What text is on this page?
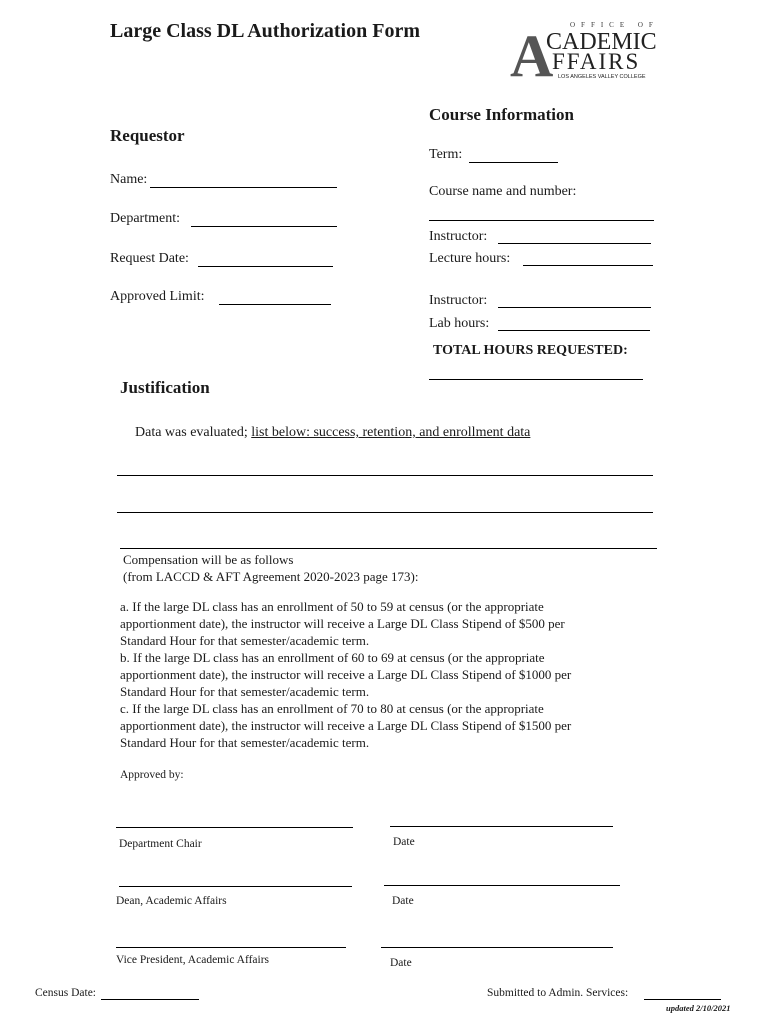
Large Class DL Authorization Form A OFFICE OF
CADEMIC
FFAIRS
LOS ANGELES VALLEY COLLEGE
Requestor
Name:
Department:
Request Date:
Approved Limit:
Course Information
Term:
Course name and number:
Instructor:
Lecture hours:
Instructor:
Lab hours:
TOTAL HOURS REQUESTED:
Justification
Data was evaluated; list below: success, retention, and enrollment data
Compensation will be as follows
(from LACCD & AFT Agreement 2020-2023 page 173):
a. If the large DL class has an enrollment of 50 to 59 at census (or the appropriate
apportionment date), the instructor will receive a Large DL Class Stipend of $500 per
Standard Hour for that semester/academic term.
b. If the large DL class has an enrollment of 60 to 69 at census (or the appropriate
apportionment date), the instructor will receive a Large DL Class Stipend of $1000 per
Standard Hour for that semester/academic term.
c. If the large DL class has an enrollment of 70 to 80 at census (or the appropriate
apportionment date), the instructor will receive a Large DL Class Stipend of $1500 per
Standard Hour for that semester/academic term.
Approved by:
Department Chair	Date
Dean, Academic Affairs	Date
Vice President, Academic Affairs	Date
Census Date:	Submitted to Admin. Services:
updated 2/10/2021
